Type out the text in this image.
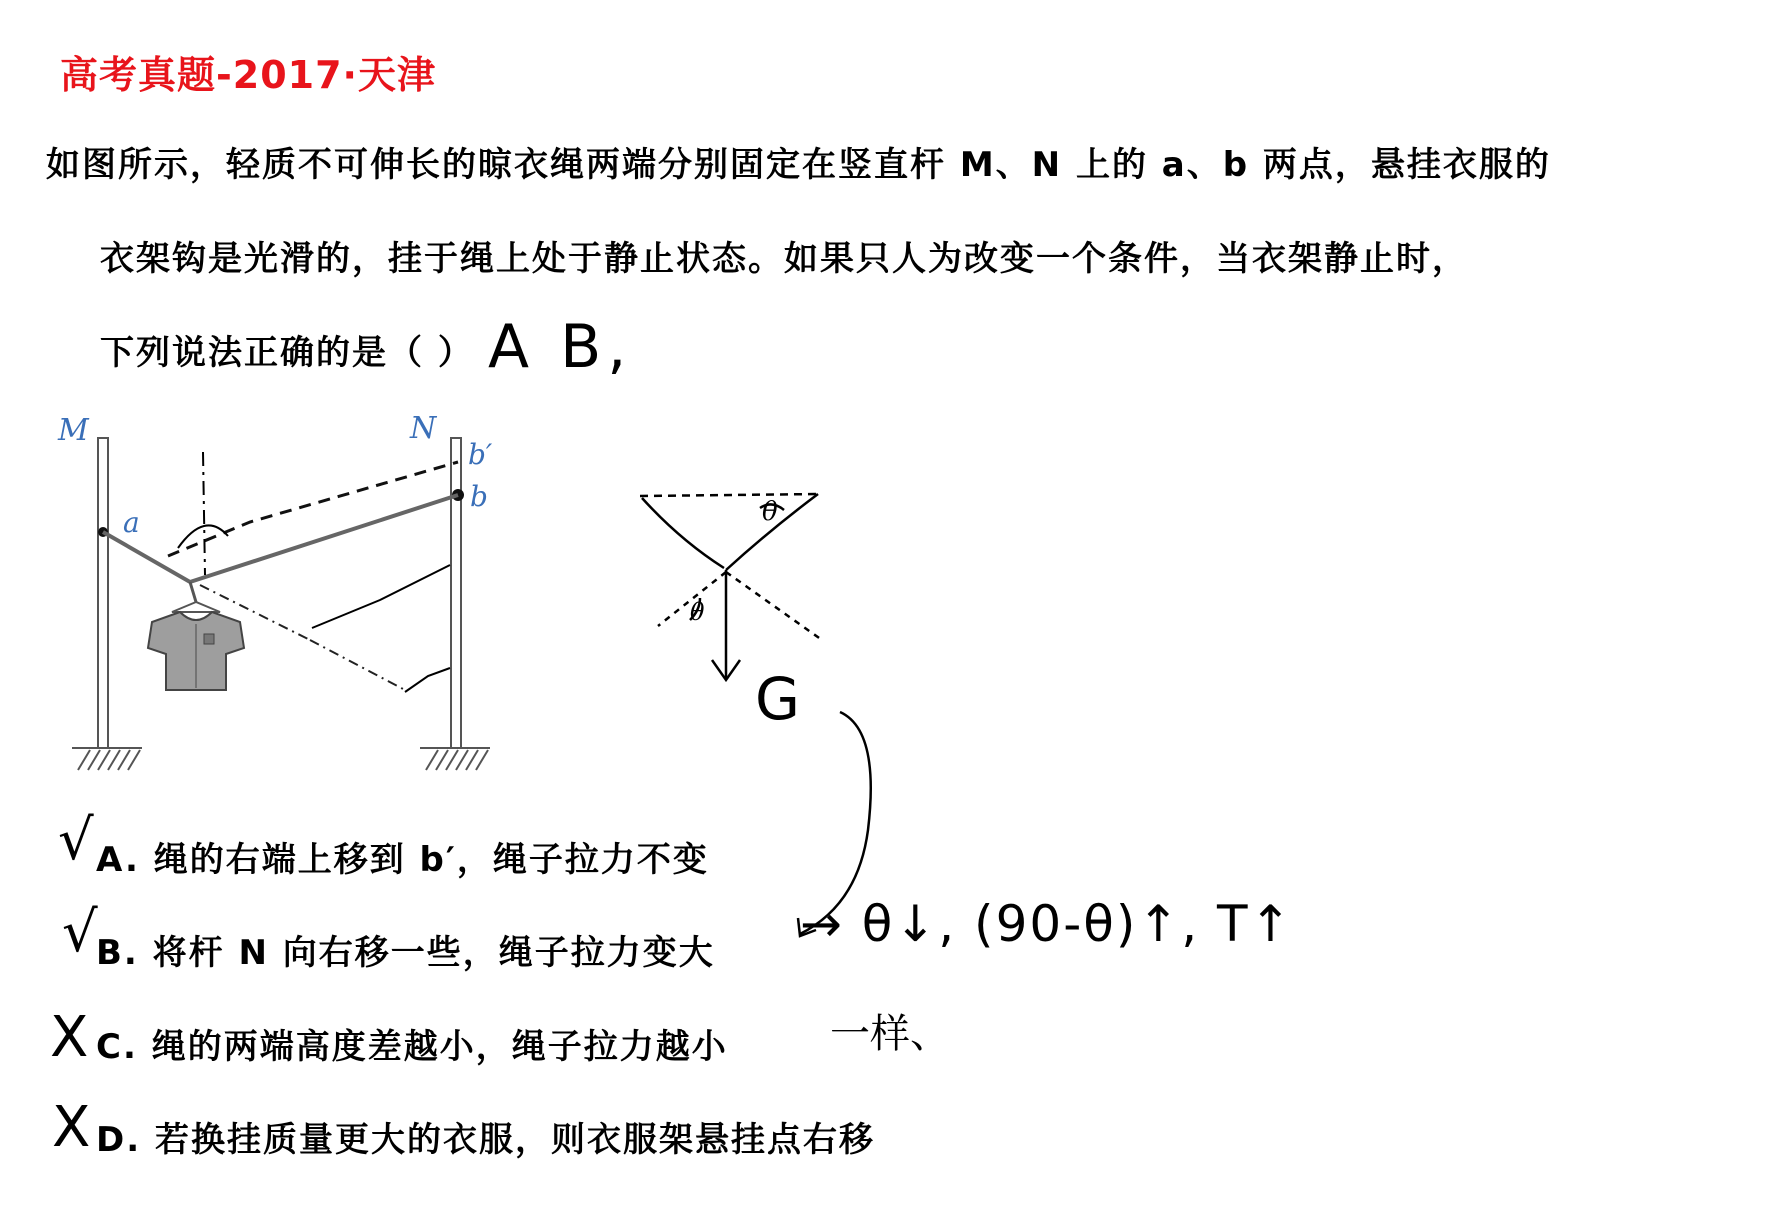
高考真题-2017·天津
如图所示，轻质不可伸长的晾衣绳两端分别固定在竖直杆 M、N 上的 a、b 两点，悬挂衣服的
衣架钩是光滑的，挂于绳上处于静止状态。如果只人为改变一个条件，当衣架静止时，
下列说法正确的是（ ）
M	N
a
b
b′
θ
θ
A B,
G
A. 绳的右端上移到 b′，绳子拉力不变
B. 将杆 N 向右移一些，绳子拉力变大
C. 绳的两端高度差越小，绳子拉力越小
D. 若换挂质量更大的衣服，则衣服架悬挂点右移
√
√
X
X
→ θ↓, (90-θ)↑, T↑
一样、
